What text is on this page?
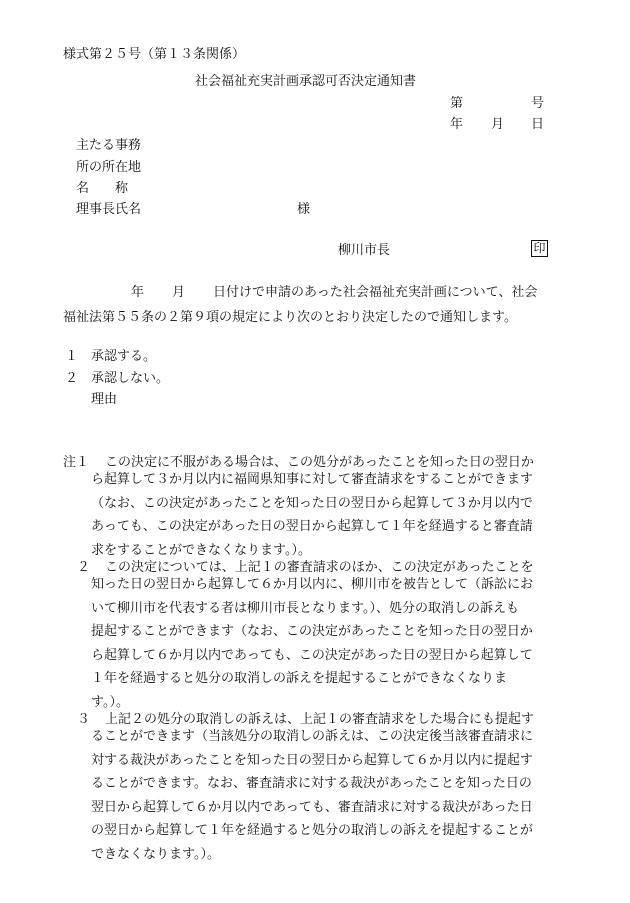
様式第２５号（第１３条関係）
社会福祉充実計画承認可否決定通知書
第	号
年 月 日
主たる事務
所の所在地
名　　称
理事長氏名	様
柳川市長	印
年 月 日付けで申請のあった社会福祉充実計画について、社会
福祉法第５５条の２第９項の規定により次のとおり決定したので通知します。
１ 承認する。
２ 承認しない。
理由
注１ この決定に不服がある場合は、この処分があったことを知った日の翌日か
ら起算して３か月以内に福岡県知事に対して審査請求をすることができます
（なお、この決定があったことを知った日の翌日から起算して３か月以内で
あっても、この決定があった日の翌日から起算して１年を経過すると審査請
求をすることができなくなります。）。
２ この決定については、上記１の審査請求のほか、この決定があったことを
知った日の翌日から起算して６か月以内に、柳川市を被告として（訴訟にお
いて柳川市を代表する者は柳川市長となります。）、処分の取消しの訴えも
提起することができます（なお、この決定があったことを知った日の翌日か
ら起算して６か月以内であっても、この決定があった日の翌日から起算して
１年を経過すると処分の取消しの訴えを提起することができなくなりま
す。）。
３ 上記２の処分の取消しの訴えは、上記１の審査請求をした場合にも提起す
ることができます（当該処分の取消しの訴えは、この決定後当該審査請求に
対する裁決があったことを知った日の翌日から起算して６か月以内に提起す
ることができます。なお、審査請求に対する裁決があったことを知った日の
翌日から起算して６か月以内であっても、審査請求に対する裁決があった日
の翌日から起算して１年を経過すると処分の取消しの訴えを提起することが
できなくなります。）。
